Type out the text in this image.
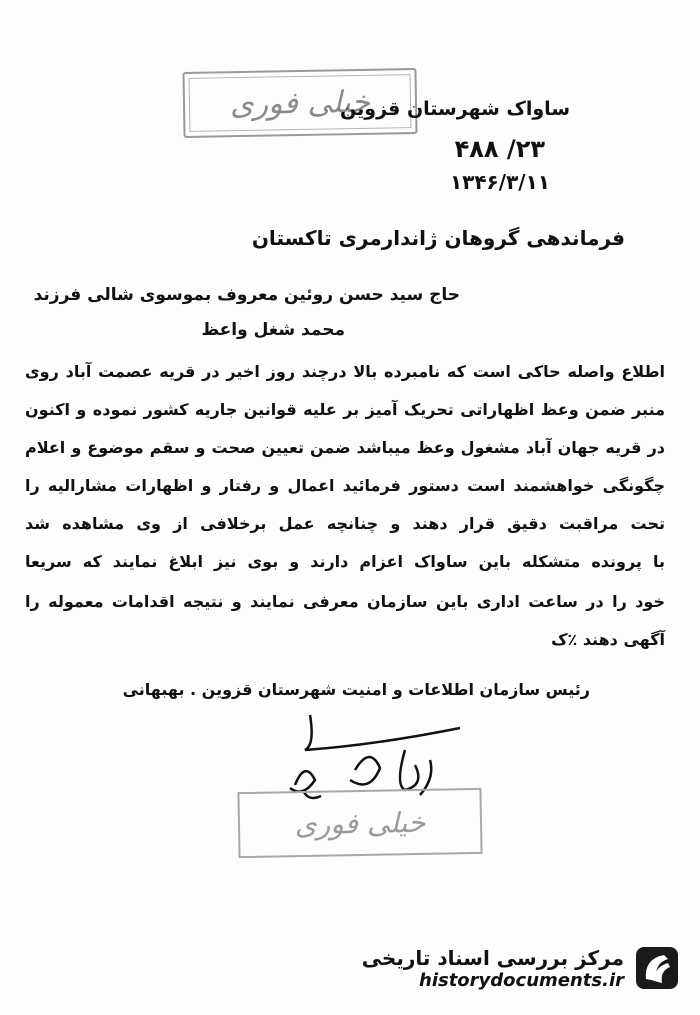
خیلی فوری
ساواک شهرستان قزوین
۲۳/ ۴۸۸
۱۳۴۶/۳/۱۱
فرماندهی گروهان ژاندارمری تاکستان
حاج سید حسن روئین معروف بموسوی شالی فرزند
محمد شغل واعظ
اطلاع واصله حاکی است که نامبرده بالا درچند روز اخیر در قریه عصمت آباد روی
منبر ضمن وعظ اظهاراتی تحریک آمیز بر علیه قوانین جاریه کشور نموده و اکنون
در قریه جهان آباد مشغول وعظ میباشد ضمن تعیین صحت و سقم موضوع و اعلام
چگونگی خواهشمند است دستور فرمائید اعمال و رفتار و اظهارات مشارالیه را
تحت مراقبت دقیق قرار دهند و چنانچه عمل برخلافی از وی مشاهده شد
با پرونده متشکله باین ساواک اعزام دارند و بوی نیز ابلاغ نمایند که سریعا
خود را در ساعت اداری باین سازمان معرفی نمایند و نتیجه اقدامات معموله را
آگهی دهند ٪ک
رئیس سازمان اطلاعات و امنیت شهرستان قزوین . بهبهانی
خیلی فوری
مرکز بررسی اسناد تاریخی
historydocuments.ir
